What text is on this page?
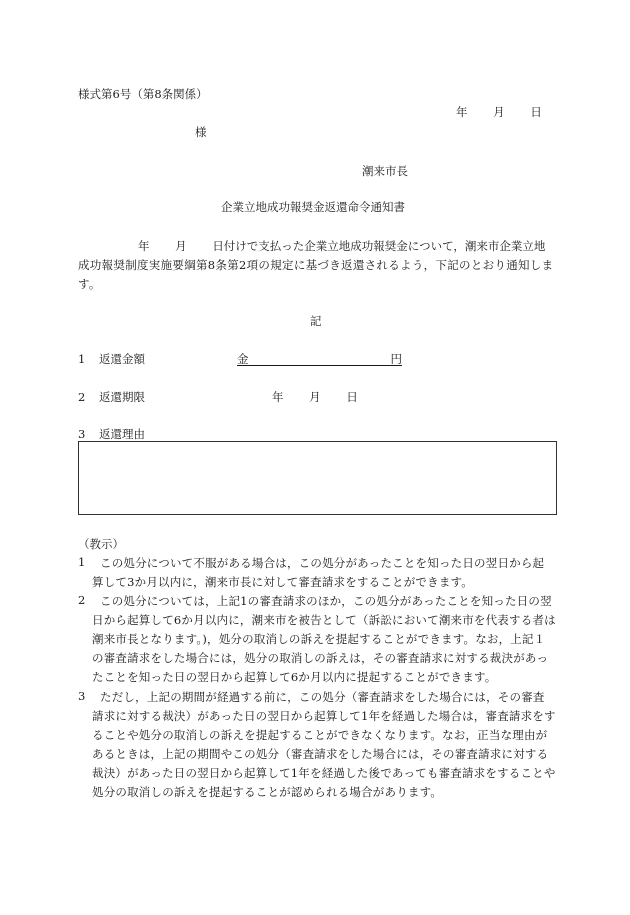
様式第6号（第8条関係）
年 月 日
様
潮来市長
企業立地成功報奨金返還命令通知書
年 月 日付けで支払った企業立地成功報奨金について，潮来市企業立地
成功報奨制度実施要綱第8条第2項の規定に基づき返還されるよう，下記のとおり通知しま
す。
記
1 返還金額	金	円
2 返還期限	年 月 日
3 返還理由
（教示）
1 この処分について不服がある場合は，この処分があったことを知った日の翌日から起
算して3か月以内に，潮来市長に対して審査請求をすることができます。
2 この処分については，上記1の審査請求のほか，この処分があったことを知った日の翌
日から起算して6か月以内に，潮来市を被告として（訴訟において潮来市を代表する者は
潮来市長となります。)，処分の取消しの訴えを提起することができます。なお，上記１
の審査請求をした場合には，処分の取消しの訴えは，その審査請求に対する裁決があっ
たことを知った日の翌日から起算して6か月以内に提起することができます。
3 ただし，上記の期間が経過する前に，この処分（審査請求をした場合には，その審査
請求に対する裁決）があった日の翌日から起算して1年を経過した場合は，審査請求をす
ることや処分の取消しの訴えを提起することができなくなります。なお，正当な理由が
あるときは，上記の期間やこの処分（審査請求をした場合には，その審査請求に対する
裁決）があった日の翌日から起算して1年を経過した後であっても審査請求をすることや
処分の取消しの訴えを提起することが認められる場合があります。
